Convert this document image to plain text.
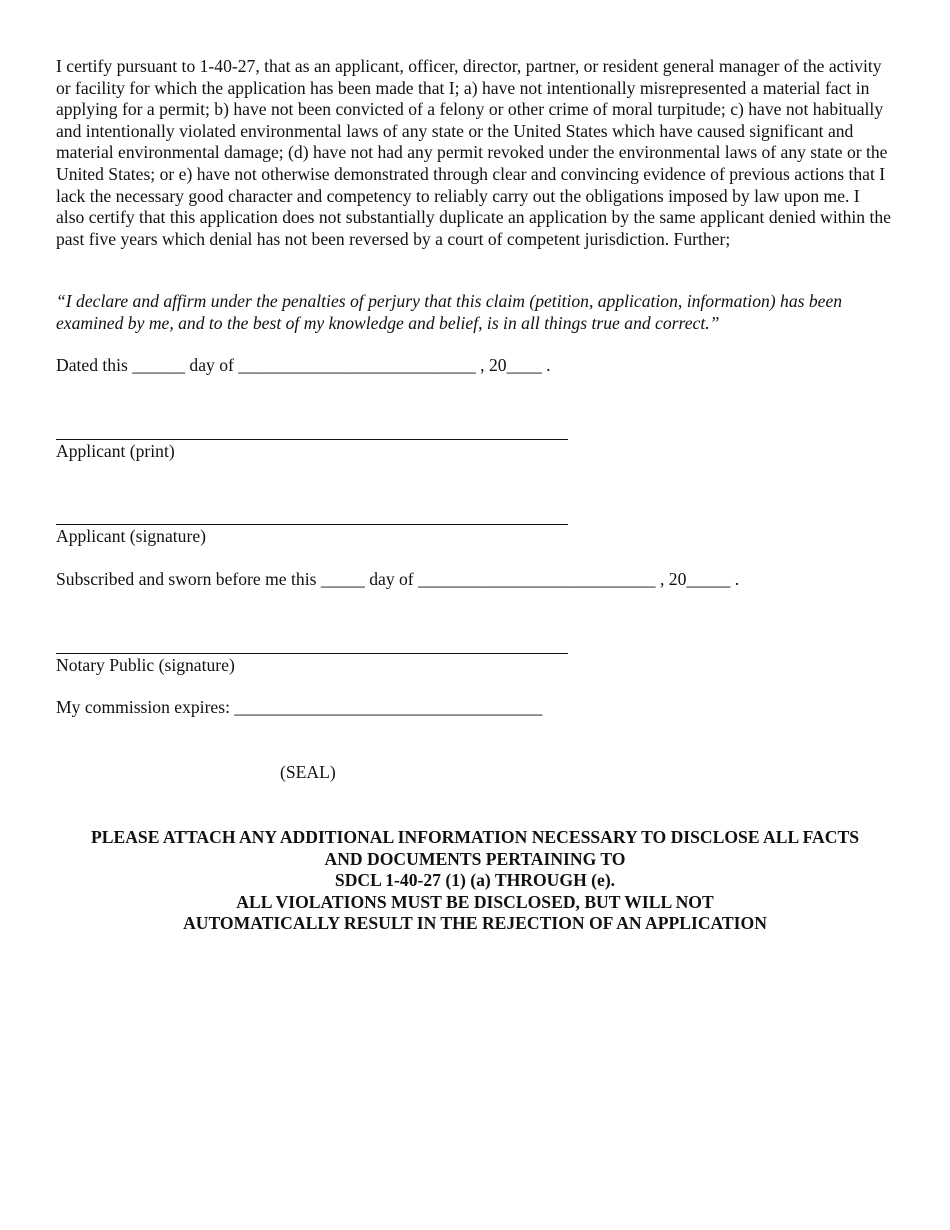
I certify pursuant to 1-40-27, that as an applicant, officer, director, partner, or resident general manager of the activity or facility for which the application has been made that I; a) have not intentionally misrepresented a material fact in applying for a permit; b) have not been convicted of a felony or other crime of moral turpitude; c) have not habitually and intentionally violated environmental laws of any state or the United States which have caused significant and material environmental damage; (d) have not had any permit revoked under the environmental laws of any state or the United States; or e) have not otherwise demonstrated through clear and convincing evidence of previous actions that I lack the necessary good character and competency to reliably carry out the obligations imposed by law upon me. I also certify that this application does not substantially duplicate an application by the same applicant denied within the past five years which denial has not been reversed by a court of competent jurisdiction. Further;

“I declare and affirm under the penalties of perjury that this claim (petition, application, information) has been examined by me, and to the best of my knowledge and belief, is in all things true and correct.”

Dated this ______ day of ___________________________ , 20____ .
Applicant (print)
Applicant (signature)
Subscribed and sworn before me this _____ day of ___________________________ , 20_____ .
Notary Public (signature)
My commission expires: ___________________________________
(SEAL)
PLEASE ATTACH ANY ADDITIONAL INFORMATION NECESSARY TO DISCLOSE ALL FACTS
AND DOCUMENTS PERTAINING TO
SDCL 1-40-27 (1) (a) THROUGH (e).
ALL VIOLATIONS MUST BE DISCLOSED, BUT WILL NOT
AUTOMATICALLY RESULT IN THE REJECTION OF AN APPLICATION
